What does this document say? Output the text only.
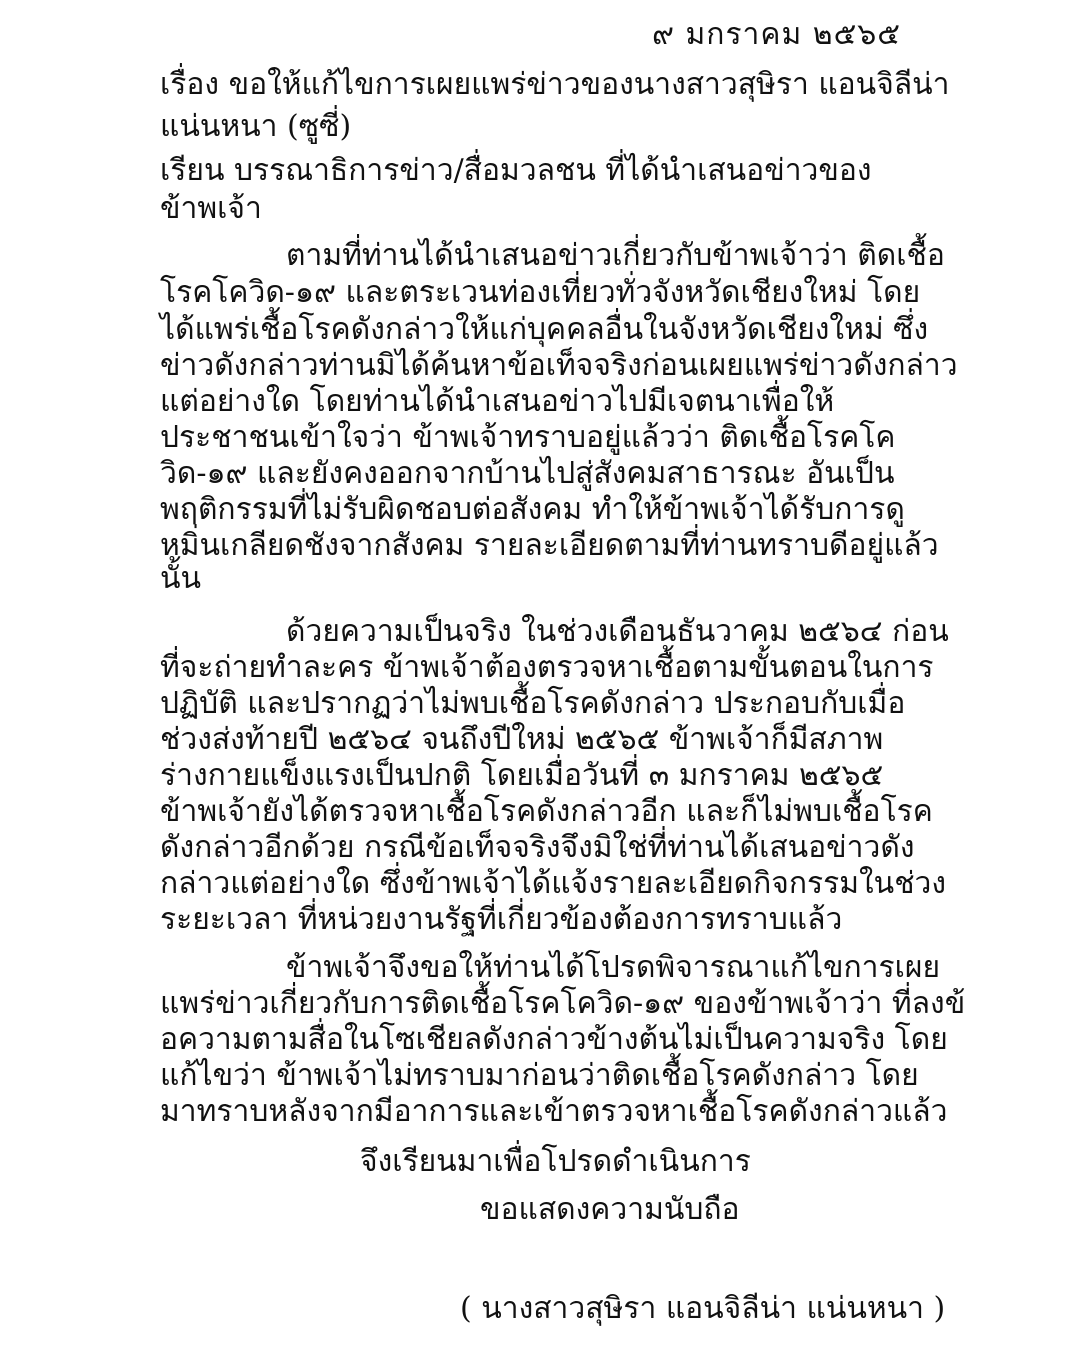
๙ มกราคม ๒๕๖๕
เรื่อง ขอให้แก้ไขการเผยแพร่ข่าวของนางสาวสุษิรา แอนจิลีน่า
แน่นหนา (ซูซี่)
เรียน บรรณาธิการข่าว/สื่อมวลชน ที่ได้นำเสนอข่าวของ
ข้าพเจ้า
ตามที่ท่านได้นำเสนอข่าวเกี่ยวกับข้าพเจ้าว่า ติดเชื้อ
โรคโควิด-๑๙ และตระเวนท่องเที่ยวทั่วจังหวัดเชียงใหม่ โดย
ได้แพร่เชื้อโรคดังกล่าวให้แก่บุคคลอื่นในจังหวัดเชียงใหม่ ซึ่ง
ข่าวดังกล่าวท่านมิได้ค้นหาข้อเท็จจริงก่อนเผยแพร่ข่าวดังกล่าว
แต่อย่างใด โดยท่านได้นำเสนอข่าวไปมีเจตนาเพื่อให้
ประชาชนเข้าใจว่า ข้าพเจ้าทราบอยู่แล้วว่า ติดเชื้อโรคโค
วิด-๑๙ และยังคงออกจากบ้านไปสู่สังคมสาธารณะ อันเป็น
พฤติกรรมที่ไม่รับผิดชอบต่อสังคม ทำให้ข้าพเจ้าได้รับการดู
หมิ่นเกลียดชังจากสังคม รายละเอียดตามที่ท่านทราบดีอยู่แล้ว
นั้น
ด้วยความเป็นจริง ในช่วงเดือนธันวาคม ๒๕๖๔ ก่อน
ที่จะถ่ายทำละคร ข้าพเจ้าต้องตรวจหาเชื้อตามขั้นตอนในการ
ปฏิบัติ และปรากฏว่าไม่พบเชื้อโรคดังกล่าว ประกอบกับเมื่อ
ช่วงส่งท้ายปี ๒๕๖๔ จนถึงปีใหม่ ๒๕๖๕ ข้าพเจ้าก็มีสภาพ
ร่างกายแข็งแรงเป็นปกติ โดยเมื่อวันที่ ๓ มกราคม ๒๕๖๕
ข้าพเจ้ายังได้ตรวจหาเชื้อโรคดังกล่าวอีก และก็ไม่พบเชื้อโรค
ดังกล่าวอีกด้วย กรณีข้อเท็จจริงจึงมิใช่ที่ท่านได้เสนอข่าวดัง
กล่าวแต่อย่างใด ซึ่งข้าพเจ้าได้แจ้งรายละเอียดกิจกรรมในช่วง
ระยะเวลา ที่หน่วยงานรัฐที่เกี่ยวข้องต้องการทราบแล้ว
ข้าพเจ้าจึงขอให้ท่านได้โปรดพิจารณาแก้ไขการเผย
แพร่ข่าวเกี่ยวกับการติดเชื้อโรคโควิด-๑๙ ของข้าพเจ้าว่า ที่ลงข้
อความตามสื่อในโซเชียลดังกล่าวข้างต้นไม่เป็นความจริง โดย
แก้ไขว่า ข้าพเจ้าไม่ทราบมาก่อนว่าติดเชื้อโรคดังกล่าว โดย
มาทราบหลังจากมีอาการและเข้าตรวจหาเชื้อโรคดังกล่าวแล้ว
จึงเรียนมาเพื่อโปรดดำเนินการ
ขอแสดงความนับถือ
( นางสาวสุษิรา แอนจิลีน่า แน่นหนา )
